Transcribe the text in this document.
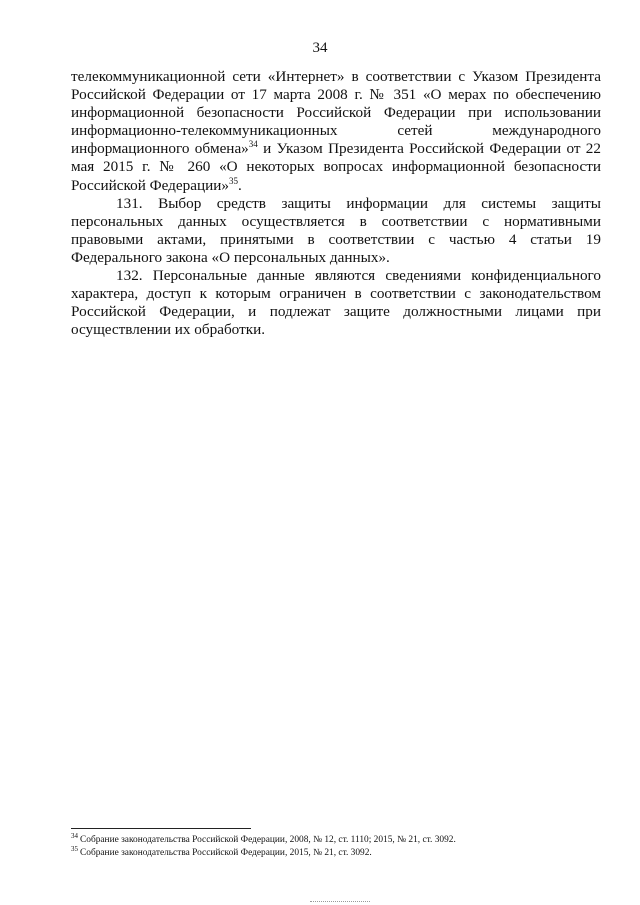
34

телекоммуникационной сети «Интернет» в соответствии с Указом Президента Российской Федерации от 17 марта 2008 г. № 351 «О мерах по обеспечению информационной безопасности Российской Федерации при использовании информационно-телекоммуникационных сетей международного информационного обмена»$^{34}$ и Указом Президента Российской Федерации от 22 мая 2015 г. № 260 «О некоторых вопросах информационной безопасности Российской Федерации»$^{35}$.

131. Выбор средств защиты информации для системы защиты персональных данных осуществляется в соответствии с нормативными правовыми актами, принятыми в соответствии с частью 4 статьи 19 Федерального закона «О персональных данных».

132. Персональные данные являются сведениями конфиденциального характера, доступ к которым ограничен в соответствии с законодательством Российской Федерации, и подлежат защите должностными лицами при осуществлении их обработки.

$^{34}$ Собрание законодательства Российской Федерации, 2008, № 12, ст. 1110; 2015, № 21, ст. 3092.
$^{35}$ Собрание законодательства Российской Федерации, 2015, № 21, ст. 3092.
